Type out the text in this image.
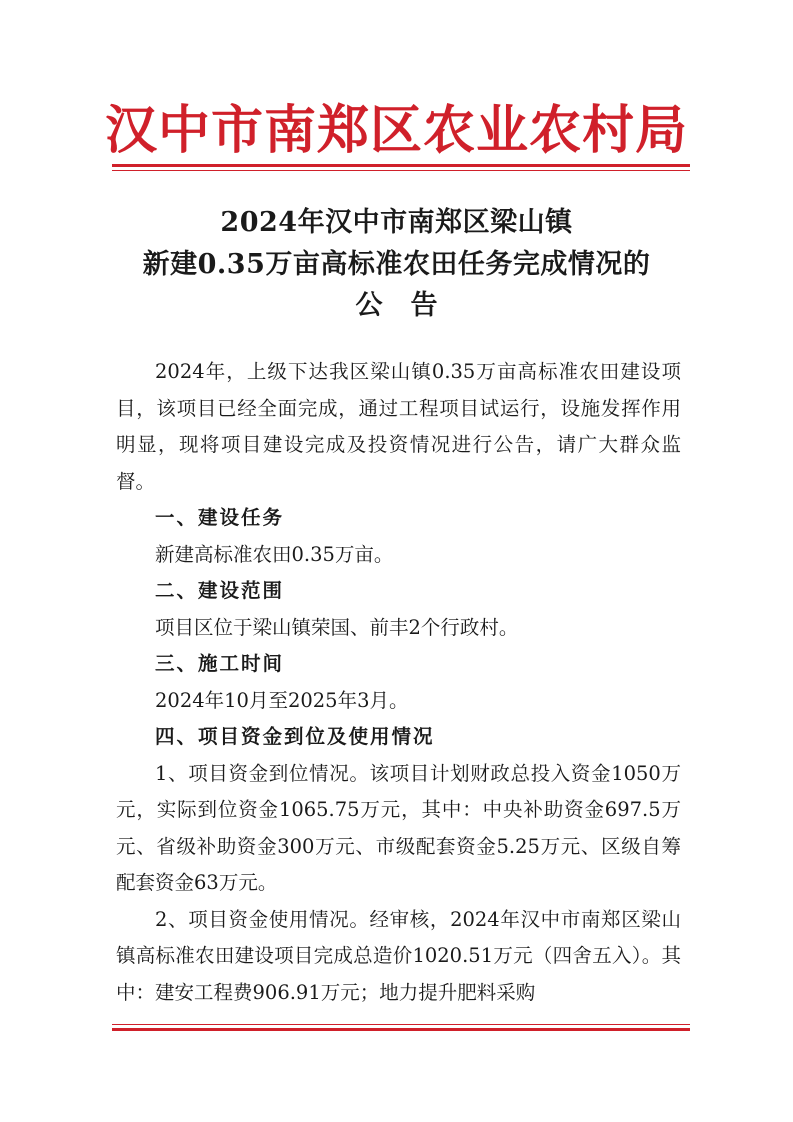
汉中市南郑区农业农村局
2024年汉中市南郑区梁山镇
新建0.35万亩高标准农田任务完成情况的
公告

2024年，上级下达我区梁山镇0.35万亩高标准农田建设项目，该项目已经全面完成，通过工程项目试运行，设施发挥作用明显，现将项目建设完成及投资情况进行公告，请广大群众监督。

一、建设任务

新建高标准农田0.35万亩。

二、建设范围

项目区位于梁山镇荣国、前丰2个行政村。

三、施工时间

2024年10月至2025年3月。

四、项目资金到位及使用情况

1、项目资金到位情况。该项目计划财政总投入资金1050万元，实际到位资金1065.75万元，其中：中央补助资金697.5万元、省级补助资金300万元、市级配套资金5.25万元、区级自筹配套资金63万元。

2、项目资金使用情况。经审核，2024年汉中市南郑区梁山镇高标准农田建设项目完成总造价1020.51万元（四舍五入）。其中：建安工程费906.91万元；地力提升肥料采购
